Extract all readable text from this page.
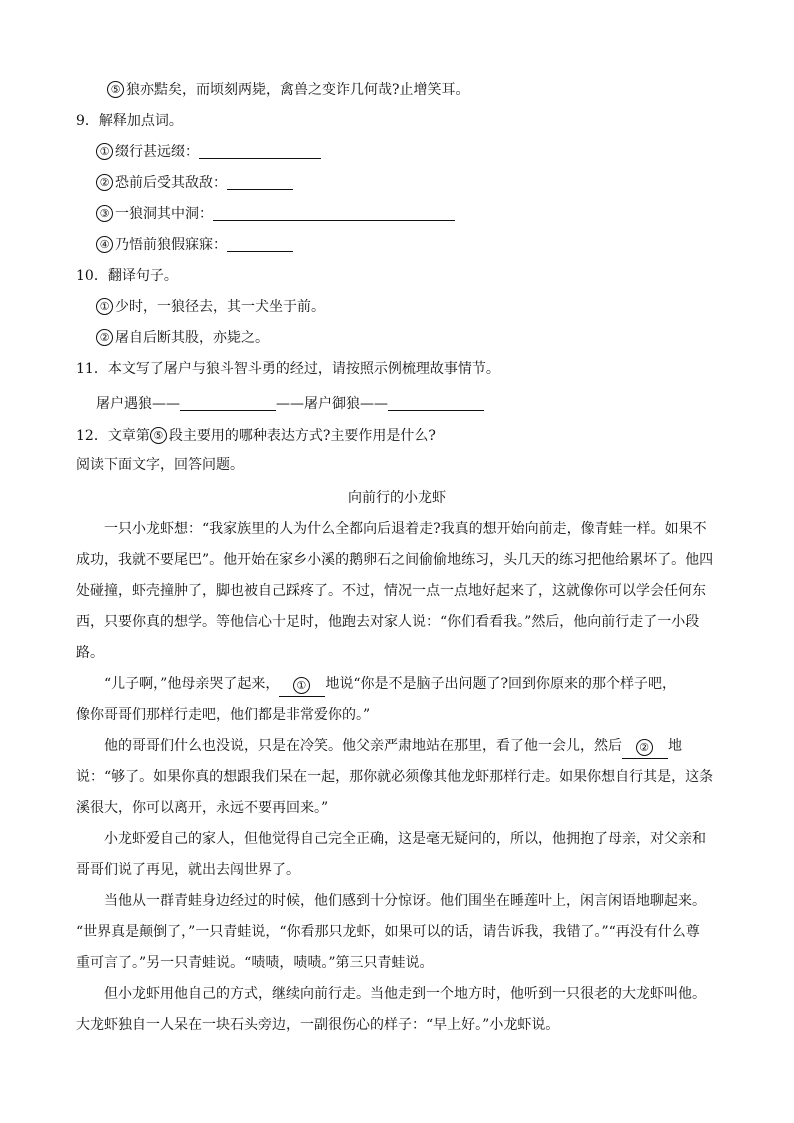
⑤ 狼亦黠矣，而顷刻两毙，禽兽之变诈几何哉?止增笑耳。
9．解释加点词。
① 缀行甚远缀：
② 恐前后受其敌敌：
③ 一狼洞其中洞：
④ 乃悟前狼假寐寐：
10．翻译句子。
① 少时，一狼径去，其一犬坐于前。
② 屠自后断其股，亦毙之。
11．本文写了屠户与狼斗智斗勇的经过，请按照示例梳理故事情节。
屠户遇狼——	——屠户御狼——
12．文章第 ⑤ 段主要用的哪种表达方式?主要作用是什么?
阅读下面文字，回答问题。
向前行的小龙虾
一只小龙虾想：“我家族里的人为什么全都向后退着走?我真的想开始向前走，像青蛙一样。如果不
成功，我就不要尾巴”。他开始在家乡小溪的鹅卵石之间偷偷地练习，头几天的练习把他给累坏了。他四
处碰撞，虾壳撞肿了，脚也被自己踩疼了。不过，情况一点一点地好起来了，这就像你可以学会任何东
西，只要你真的想学。等他信心十足时，他跑去对家人说：“你们看看我。”然后，他向前行走了一小段
路。
“儿子啊，”他母亲哭了起来， ① 地说“你是不是脑子出问题了?回到你原来的那个样子吧，
像你哥哥们那样行走吧，他们都是非常爱你的。”
他的哥哥们什么也没说，只是在冷笑。他父亲严肃地站在那里，看了他一会儿，然后 ② 地
说：“够了。如果你真的想跟我们呆在一起，那你就必须像其他龙虾那样行走。如果你想自行其是，这条
溪很大，你可以离开，永远不要再回来。”
小龙虾爱自己的家人，但他觉得自己完全正确，这是毫无疑问的，所以，他拥抱了母亲，对父亲和
哥哥们说了再见，就出去闯世界了。
当他从一群青蛙身边经过的时候，他们感到十分惊讶。他们围坐在睡莲叶上，闲言闲语地聊起来。
“世界真是颠倒了，”一只青蛙说，“你看那只龙虾，如果可以的话，请告诉我，我错了。”“再没有什么尊
重可言了。”另一只青蛙说。“啧啧，啧啧。”第三只青蛙说。
但小龙虾用他自己的方式，继续向前行走。当他走到一个地方时，他听到一只很老的大龙虾叫他。
大龙虾独自一人呆在一块石头旁边，一副很伤心的样子：“早上好。”小龙虾说。
